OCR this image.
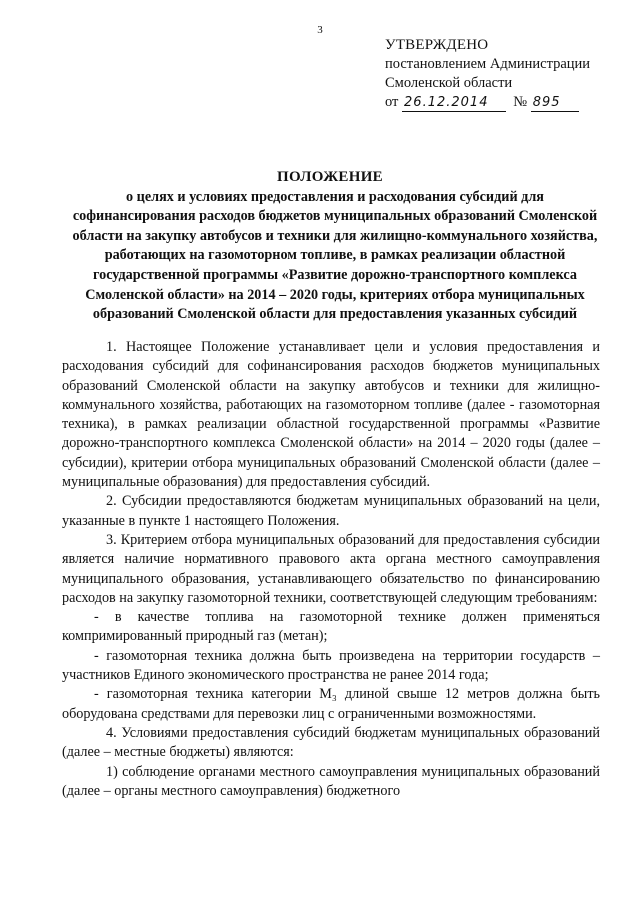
3
УТВЕРЖДЕНО
постановлением Администрации
Смоленской области
от 26.12.2014 № 895
ПОЛОЖЕНИЕ
о целях и условиях предоставления и расходования субсидий для софинансирования расходов бюджетов муниципальных образований Смоленской области на закупку автобусов и техники для жилищно-коммунального хозяйства, работающих на газомоторном топливе, в рамках реализации областной государственной программы «Развитие дорожно-транспортного комплекса Смоленской области» на 2014 – 2020 годы, критериях отбора муниципальных образований Смоленской области для предоставления указанных субсидий

1. Настоящее Положение устанавливает цели и условия предоставления и расходования субсидий для софинансирования расходов бюджетов муниципальных образований Смоленской области на закупку автобусов и техники для жилищно-коммунального хозяйства, работающих на газомоторном топливе (далее - газомоторная техника), в рамках реализации областной государственной программы «Развитие дорожно-транспортного комплекса Смоленской области» на 2014 – 2020 годы (далее – субсидии), критерии отбора муниципальных образований Смоленской области (далее – муниципальные образования) для предоставления субсидий.

2. Субсидии предоставляются бюджетам муниципальных образований на цели, указанные в пункте 1 настоящего Положения.

3. Критерием отбора муниципальных образований для предоставления субсидии является наличие нормативного правового акта органа местного самоуправления муниципального образования, устанавливающего обязательство по финансированию расходов на закупку газомоторной техники, соответствующей следующим требованиям:

- в качестве топлива на газомоторной технике должен применяться компримированный природный газ (метан);

- газомоторная техника должна быть произведена на территории государств – участников Единого экономического пространства не ранее 2014 года;

- газомоторная техника категории M₃ длиной свыше 12 метров должна быть оборудована средствами для перевозки лиц с ограниченными возможностями.

4. Условиями предоставления субсидий бюджетам муниципальных образований (далее – местные бюджеты) являются:

1) соблюдение органами местного самоуправления муниципальных образований (далее – органы местного самоуправления) бюджетного
